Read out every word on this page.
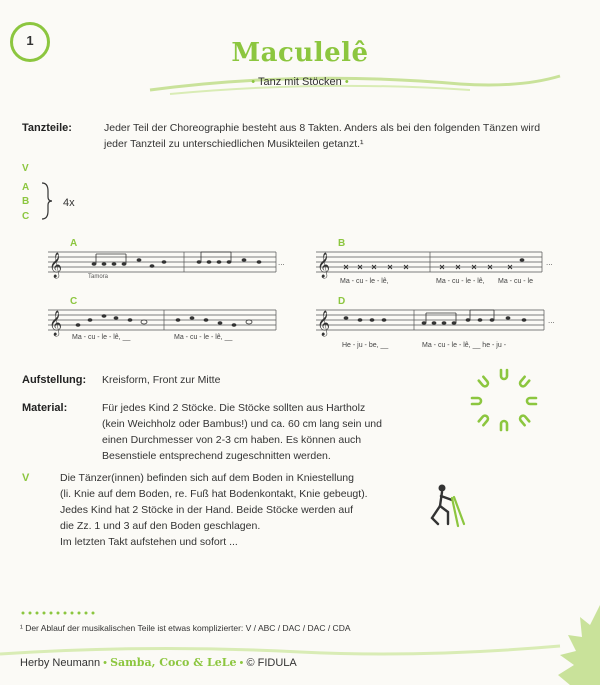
1	Maculelê
• Tanz mit Stöcken •
Tanzteile:	Jeder Teil der Choreographie besteht aus 8 Takten. Anders als bei den folgenden Tänzen wird
jeder Tanzteil zu unterschiedlichen Musikteilen getanzt.¹
V
A
B
C
4x
𝄞
A
Tamora
... 𝄞
B
Ma - cu - le - lê,	Ma - cu - le - lê, Ma - cu - le
...
𝄞
C
Ma - cu - le - lê, __	Ma - cu - le - lê, __
𝄞
D
He - ju - be, __	Ma - cu - le - lê, __ he - ju -
...
Aufstellung: Kreisform, Front zur Mitte
Material:	Für jedes Kind 2 Stöcke. Die Stöcke sollten aus Hartholz
(kein Weichholz oder Bambus!) und ca. 60 cm lang sein und
einen Durchmesser von 2-3 cm haben. Es können auch
Besenstiele entsprechend zugeschnitten werden.
V	Die Tänzer(innen) befinden sich auf dem Boden in Kniestellung
(li. Knie auf dem Boden, re. Fuß hat Bodenkontakt, Knie gebeugt).
Jedes Kind hat 2 Stöcke in der Hand. Beide Stöcke werden auf
die Zz. 1 und 3 auf den Boden geschlagen.
Im letzten Takt aufstehen und sofort ...
¹ Der Ablauf der musikalischen Teile ist etwas komplizierter: V / ABC / DAC / DAC / CDA
Herby Neumann • Samba, Coco & LeLe • © FIDULA
